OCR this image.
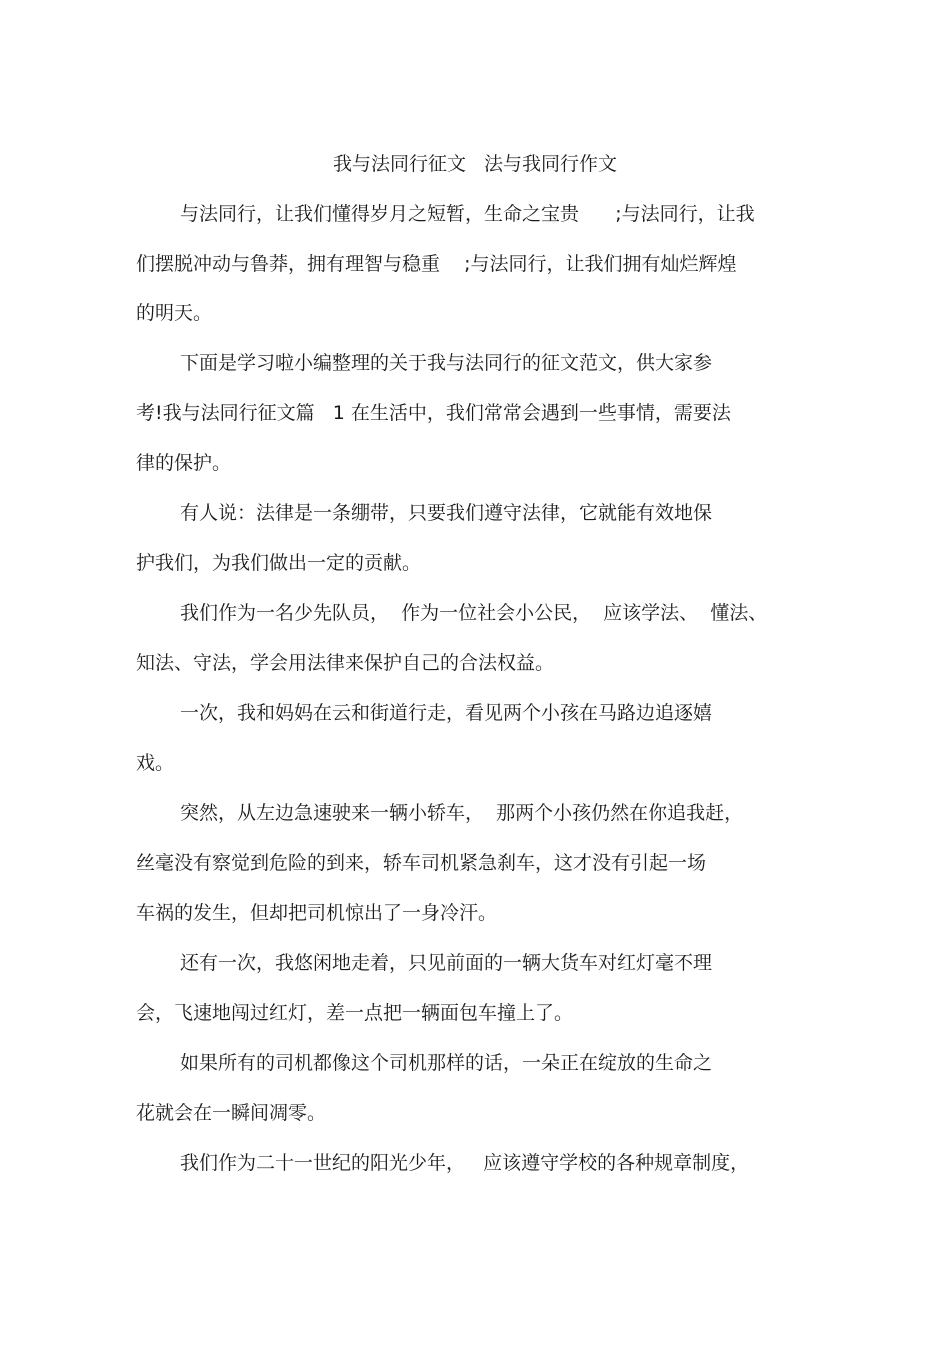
我与法同行征文   法与我同行作文
与法同行，让我们懂得岁月之短暂，生命之宝贵      ;与法同行，让我
们摆脱冲动与鲁莽，拥有理智与稳重    ;与法同行，让我们拥有灿烂辉煌
的明天。
下面是学习啦小编整理的关于我与法同行的征文范文，供大家参
考!我与法同行征文篇   1 在生活中，我们常常会遇到一些事情，需要法
律的保护。
有人说：法律是一条绷带，只要我们遵守法律，它就能有效地保
护我们，为我们做出一定的贡献。
我们作为一名少先队员，  作为一位社会小公民，  应该学法、  懂法、
知法、守法，学会用法律来保护自己的合法权益。
一次，我和妈妈在云和街道行走，看见两个小孩在马路边追逐嬉
戏。
突然，从左边急速驶来一辆小轿车，  那两个小孩仍然在你追我赶，
丝毫没有察觉到危险的到来，轿车司机紧急刹车，这才没有引起一场
车祸的发生，但却把司机惊出了一身冷汗。
还有一次，我悠闲地走着，只见前面的一辆大货车对红灯毫不理
会，飞速地闯过红灯，差一点把一辆面包车撞上了。
如果所有的司机都像这个司机那样的话，一朵正在绽放的生命之
花就会在一瞬间凋零。
我们作为二十一世纪的阳光少年，   应该遵守学校的各种规章制度，
